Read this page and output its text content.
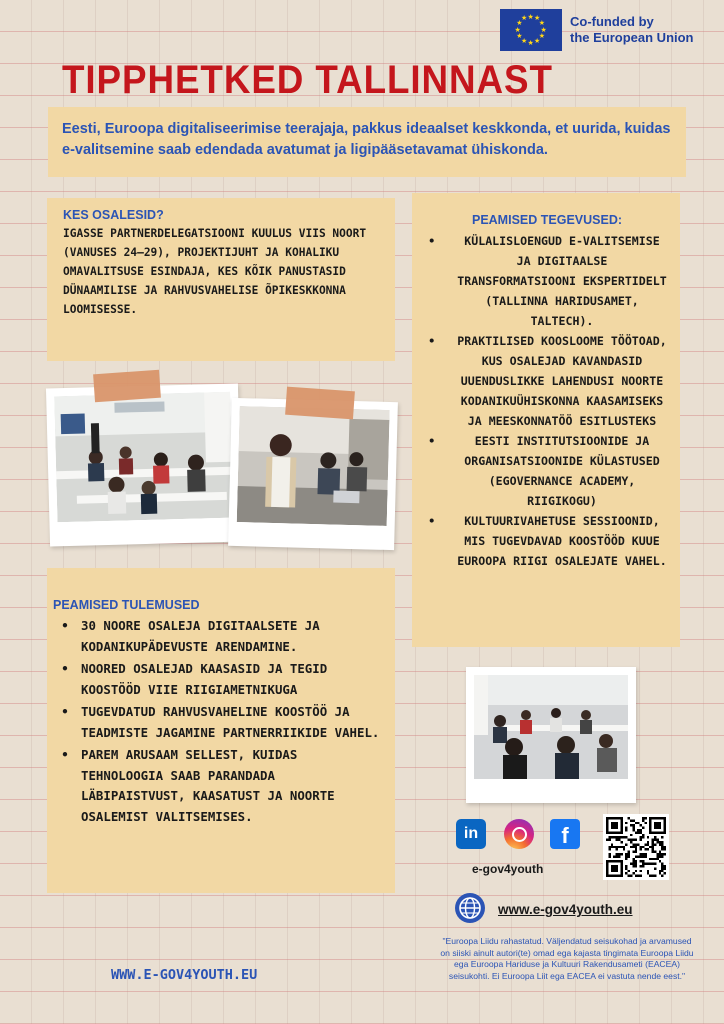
★ ★
★
★
★
★
★
★
★
★
★
★	Co-funded by
the European Union
TIPPHETKED TALLINNAST
Eesti, Euroopa digitaliseerimise teerajaja, pakkus ideaalset keskkonda, et uurida, kuidas e-valitsemine saab edendada avatumat ja ligipääsetavamat ühiskonda.
KES OSALESID?
IGASSE PARTNERDELEGATSIOONI KUULUS VIIS NOORT (VANUSES 24–29), PROJEKTIJUHT JA KOHALIKU OMAVALITSUSE ESINDAJA, KES KÕIK PANUSTASID DÜNAAMILISE JA RAHVUSVAHELISE ÕPIKESKKONNA LOOMISESSE.
PEAMISED TEGEVUSED:
• KÜLALISLOENGUD E-VALITSEMISE JA DIGITAALSE TRANSFORMATSIOONI EKSPERTIDELT (TALLINNA HARIDUSAMET, TALTECH).
• PRAKTILISED KOOSLOOME TÖÖTOAD, KUS OSALEJAD KAVANDASID UUENDUSLIKKE LAHENDUSI NOORTE KODANIKUÜHISKONNA KAASAMISEKS JA MEESKONNATÖÖ ESITLUSTEKS
• EESTI INSTITUTSIOONIDE JA ORGANISATSIOONIDE KÜLASTUSED (EGOVERNANCE ACADEMY, RIIGIKOGU)
• KULTUURIVAHETUSE SESSIOONID, MIS TUGEVDAVAD KOOSTÖÖD KUUE EUROOPA RIIGI OSALEJATE VAHEL.
PEAMISED TULEMUSED
• 30 NOORE OSALEJA DIGITAALSETE JA KODANIKUPÄDEVUSTE ARENDAMINE.
• NOORED OSALEJAD KAASASID JA TEGID KOOSTÖÖD VIIE RIIGIAMETNIKUGA
• TUGEVDATUD RAHVUSVAHELINE KOOSTÖÖ JA TEADMISTE JAGAMINE PARTNERRIIKIDE VAHEL.
• PAREM ARUSAAM SELLEST, KUIDAS TEHNOLOOGIA SAAB PARANDADA LÄBIPAISTVUST, KAASATUST JA NOORTE OSALEMIST VALITSEMISES.
in	f
e-gov4youth
www.e-gov4youth.eu
"Euroopa Liidu rahastatud. Väljendatud seisukohad ja arvamused on siiski ainult autori(te) omad ega kajasta tingimata Euroopa Liidu ega Euroopa Hariduse ja Kultuuri Rakendusameti (EACEA) seisukohti. Ei Euroopa Liit ega EACEA ei vastuta nende eest."
WWW.E-GOV4YOUTH.EU
